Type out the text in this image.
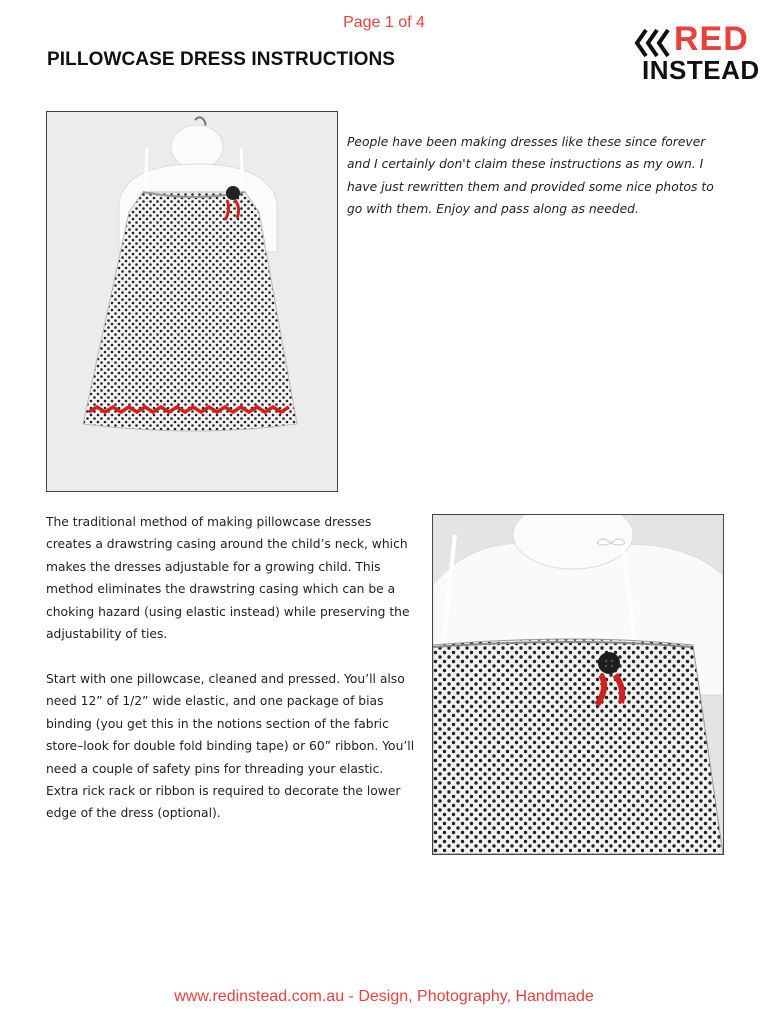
Page 1 of 4
PILLOWCASE DRESS INSTRUCTIONS
RED
INSTEAD
People have been making dresses like these since forever and I certainly don't claim these instructions as my own. I have just rewritten them and provided some nice photos to go with them. Enjoy and pass along as needed.
The traditional method of making pillowcase dresses creates a drawstring casing around the child’s neck, which makes the dresses adjustable for a growing child. This method eliminates the drawstring casing which can be a choking hazard (using elastic instead) while preserving the adjustability of ties.
Start with one pillowcase, cleaned and pressed. You’ll also need 12” of 1/2” wide elastic, and one package of bias binding (you get this in the notions section of the fabric store–look for double fold binding tape) or 60” ribbon. You’ll need a couple of safety pins for threading your elastic. Extra rick rack or ribbon is required to decorate the lower edge of the dress (optional).
www.redinstead.com.au - Design, Photography, Handmade
